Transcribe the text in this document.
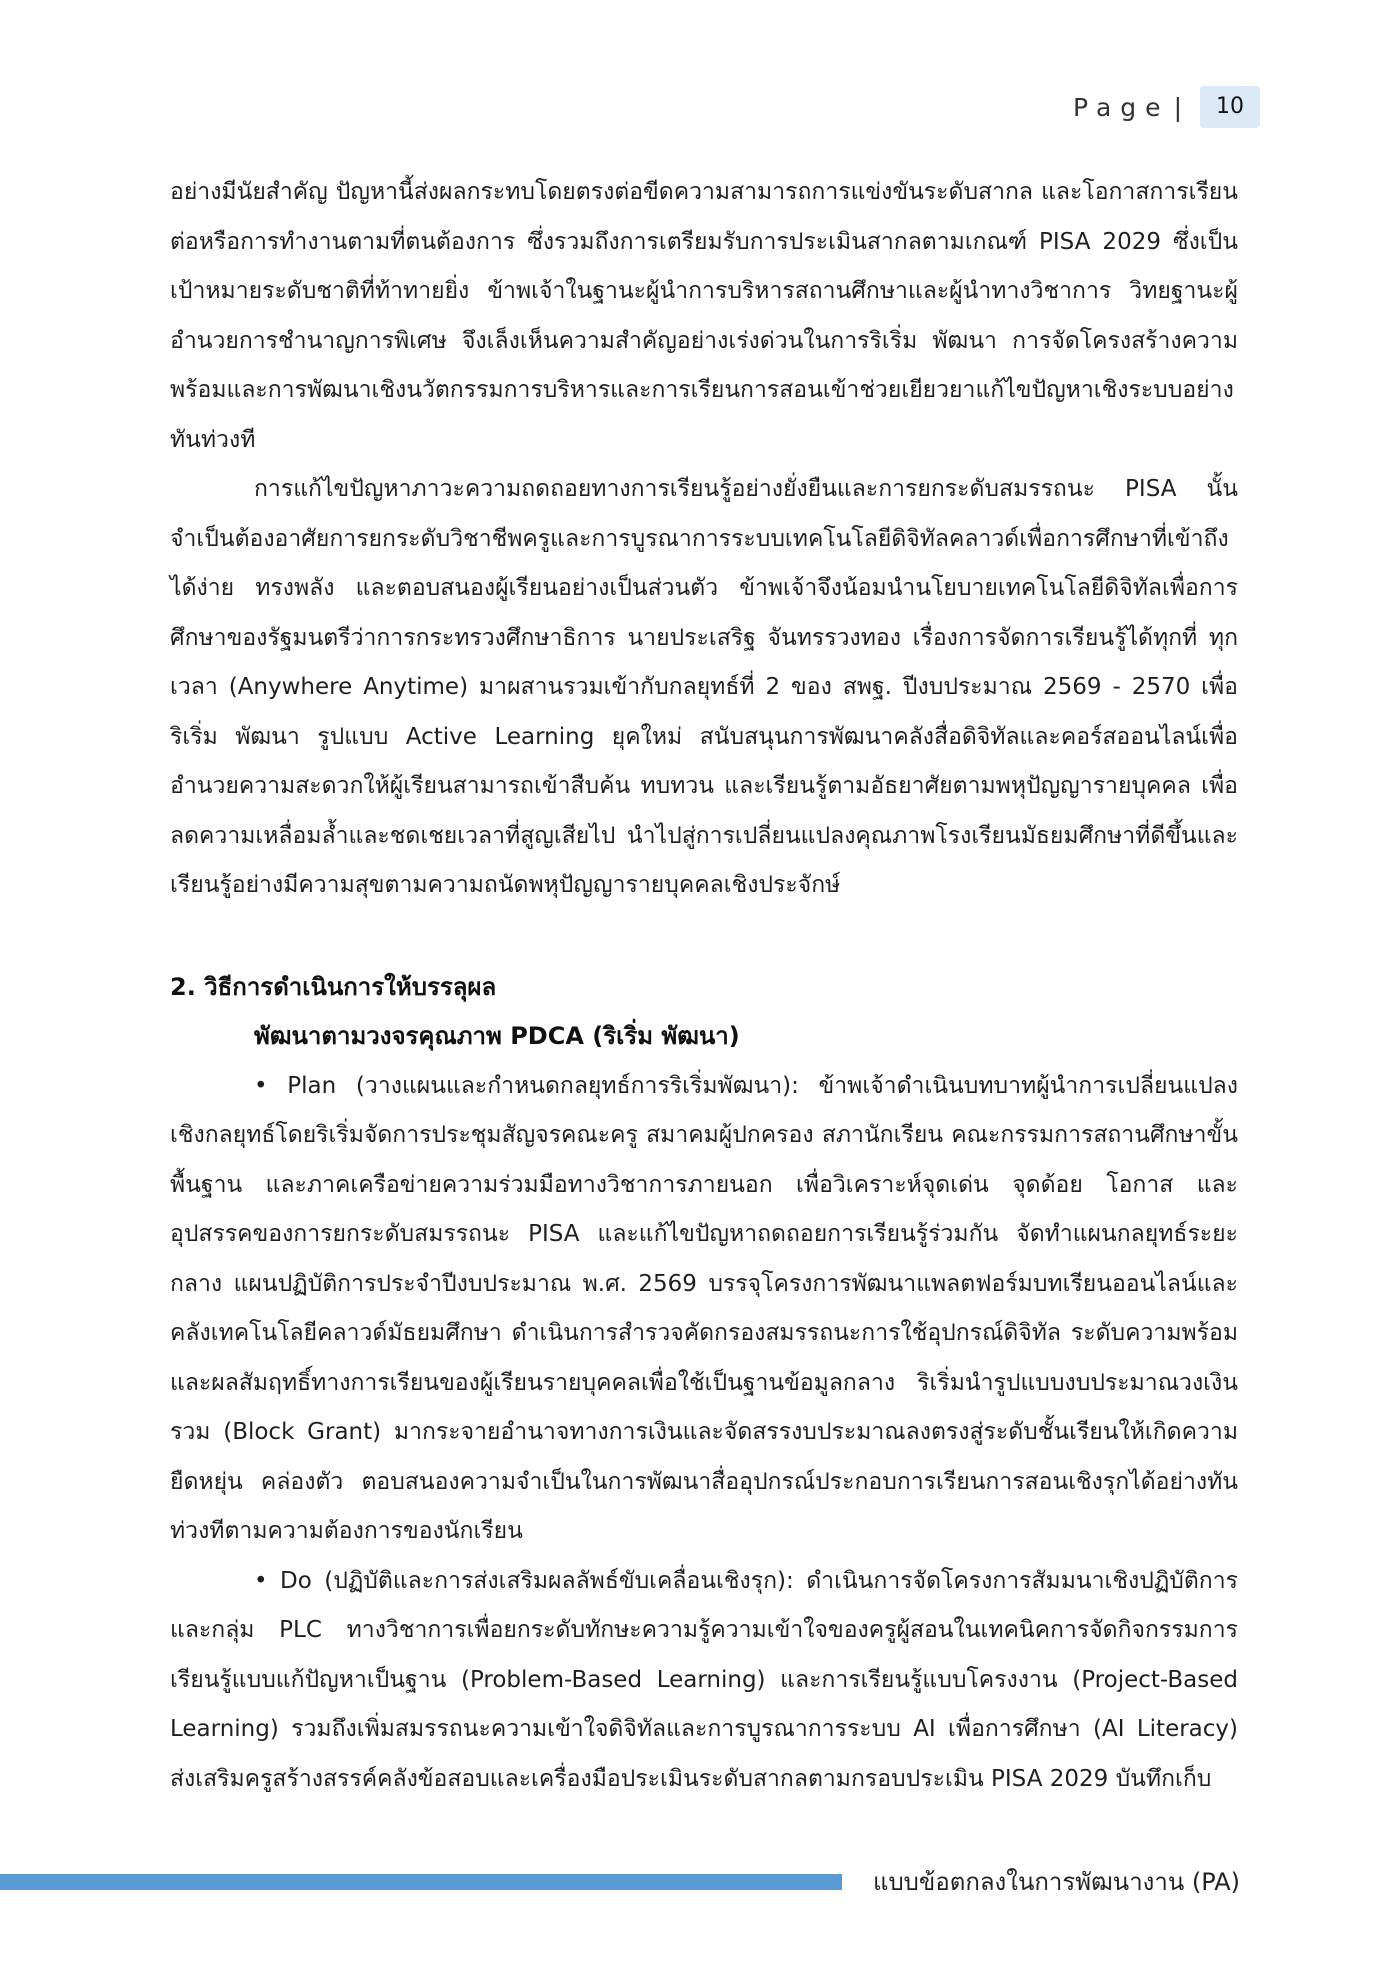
Page |	10

อย่างมีนัยสำคัญ ปัญหานี้ส่งผลกระทบโดยตรงต่อขีดความสามารถการแข่งขันระดับสากล และโอกาสการเรียนต่อหรือการทำงานตามที่ตนต้องการ ซึ่งรวมถึงการเตรียมรับการประเมินสากลตามเกณฑ์ PISA 2029 ซึ่งเป็นเป้าหมายระดับชาติที่ท้าทายยิ่ง ข้าพเจ้าในฐานะผู้นำการบริหารสถานศึกษาและผู้นำทางวิชาการ วิทยฐานะผู้อำนวยการชำนาญการพิเศษ จึงเล็งเห็นความสำคัญอย่างเร่งด่วนในการริเริ่ม พัฒนา การจัดโครงสร้างความพร้อมและการพัฒนาเชิงนวัตกรรมการบริหารและการเรียนการสอนเข้าช่วยเยียวยาแก้ไขปัญหาเชิงระบบอย่างทันท่วงที

การแก้ไขปัญหาภาวะความถดถอยทางการเรียนรู้อย่างยั่งยืนและการยกระดับสมรรถนะ PISA นั้นจำเป็นต้องอาศัยการยกระดับวิชาชีพครูและการบูรณาการระบบเทคโนโลยีดิจิทัลคลาวด์เพื่อการศึกษาที่เข้าถึงได้ง่าย ทรงพลัง และตอบสนองผู้เรียนอย่างเป็นส่วนตัว ข้าพเจ้าจึงน้อมนำนโยบายเทคโนโลยีดิจิทัลเพื่อการศึกษาของรัฐมนตรีว่าการกระทรวงศึกษาธิการ นายประเสริฐ จันทรรวงทอง เรื่องการจัดการเรียนรู้ได้ทุกที่ ทุกเวลา (Anywhere Anytime) มาผสานรวมเข้ากับกลยุทธ์ที่ 2 ของ สพฐ. ปีงบประมาณ 2569 - 2570 เพื่อริเริ่ม พัฒนา รูปแบบ Active Learning ยุคใหม่ สนับสนุนการพัฒนาคลังสื่อดิจิทัลและคอร์สออนไลน์เพื่ออำนวยความสะดวกให้ผู้เรียนสามารถเข้าสืบค้น ทบทวน และเรียนรู้ตามอัธยาศัยตามพหุปัญญารายบุคคล เพื่อลดความเหลื่อมล้ำและชดเชยเวลาที่สูญเสียไป นำไปสู่การเปลี่ยนแปลงคุณภาพโรงเรียนมัธยมศึกษาที่ดีขึ้นและเรียนรู้อย่างมีความสุขตามความถนัดพหุปัญญารายบุคคลเชิงประจักษ์

2. วิธีการดำเนินการให้บรรลุผล

พัฒนาตามวงจรคุณภาพ PDCA (ริเริ่ม พัฒนา)

• Plan (วางแผนและกำหนดกลยุทธ์การริเริ่มพัฒนา): ข้าพเจ้าดำเนินบทบาทผู้นำการเปลี่ยนแปลงเชิงกลยุทธ์โดยริเริ่มจัดการประชุมสัญจรคณะครู สมาคมผู้ปกครอง สภานักเรียน คณะกรรมการสถานศึกษาขั้นพื้นฐาน และภาคเครือข่ายความร่วมมือทางวิชาการภายนอก เพื่อวิเคราะห์จุดเด่น จุดด้อย โอกาส และอุปสรรคของการยกระดับสมรรถนะ PISA และแก้ไขปัญหาถดถอยการเรียนรู้ร่วมกัน จัดทำแผนกลยุทธ์ระยะกลาง แผนปฏิบัติการประจำปีงบประมาณ พ.ศ. 2569 บรรจุโครงการพัฒนาแพลตฟอร์มบทเรียนออนไลน์และคลังเทคโนโลยีคลาวด์มัธยมศึกษา ดำเนินการสำรวจคัดกรองสมรรถนะการใช้อุปกรณ์ดิจิทัล ระดับความพร้อมและผลสัมฤทธิ์ทางการเรียนของผู้เรียนรายบุคคลเพื่อใช้เป็นฐานข้อมูลกลาง ริเริ่มนำรูปแบบงบประมาณวงเงินรวม (Block Grant) มากระจายอำนาจทางการเงินและจัดสรรงบประมาณลงตรงสู่ระดับชั้นเรียนให้เกิดความยืดหยุ่น คล่องตัว ตอบสนองความจำเป็นในการพัฒนาสื่ออุปกรณ์ประกอบการเรียนการสอนเชิงรุกได้อย่างทันท่วงทีตามความต้องการของนักเรียน

• Do (ปฏิบัติและการส่งเสริมผลลัพธ์ขับเคลื่อนเชิงรุก): ดำเนินการจัดโครงการสัมมนาเชิงปฏิบัติการและกลุ่ม PLC ทางวิชาการเพื่อยกระดับทักษะความรู้ความเข้าใจของครูผู้สอนในเทคนิคการจัดกิจกรรมการเรียนรู้แบบแก้ปัญหาเป็นฐาน (Problem-Based Learning) และการเรียนรู้แบบโครงงาน (Project-Based Learning) รวมถึงเพิ่มสมรรถนะความเข้าใจดิจิทัลและการบูรณาการระบบ AI เพื่อการศึกษา (AI Literacy) ส่งเสริมครูสร้างสรรค์คลังข้อสอบและเครื่องมือประเมินระดับสากลตามกรอบประเมิน PISA 2029 บันทึกเก็บ

แบบข้อตกลงในการพัฒนางาน (PA)
